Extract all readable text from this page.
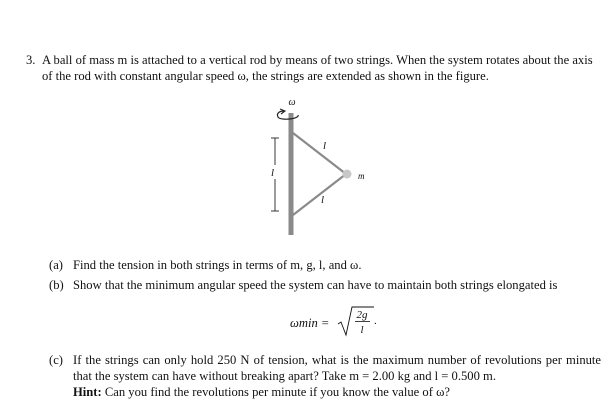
3. A ball of mass m is attached to a vertical rod by means of two strings. When the system rotates about the axis of the rod with constant angular speed ω, the strings are extended as shown in the figure.
ω
l
l
m
l
(a) Find the tension in both strings in terms of m, g, l, and ω.
(b) Show that the minimum angular speed the system can have to maintain both strings elongated is
ωmin =
2g
l
.
(c) If the strings can only hold 250 N of tension, what is the maximum number of revolutions per minute that the system can have without breaking apart? Take m = 2.00 kg and l = 0.500 m.
Hint: Can you find the revolutions per minute if you know the value of ω?
